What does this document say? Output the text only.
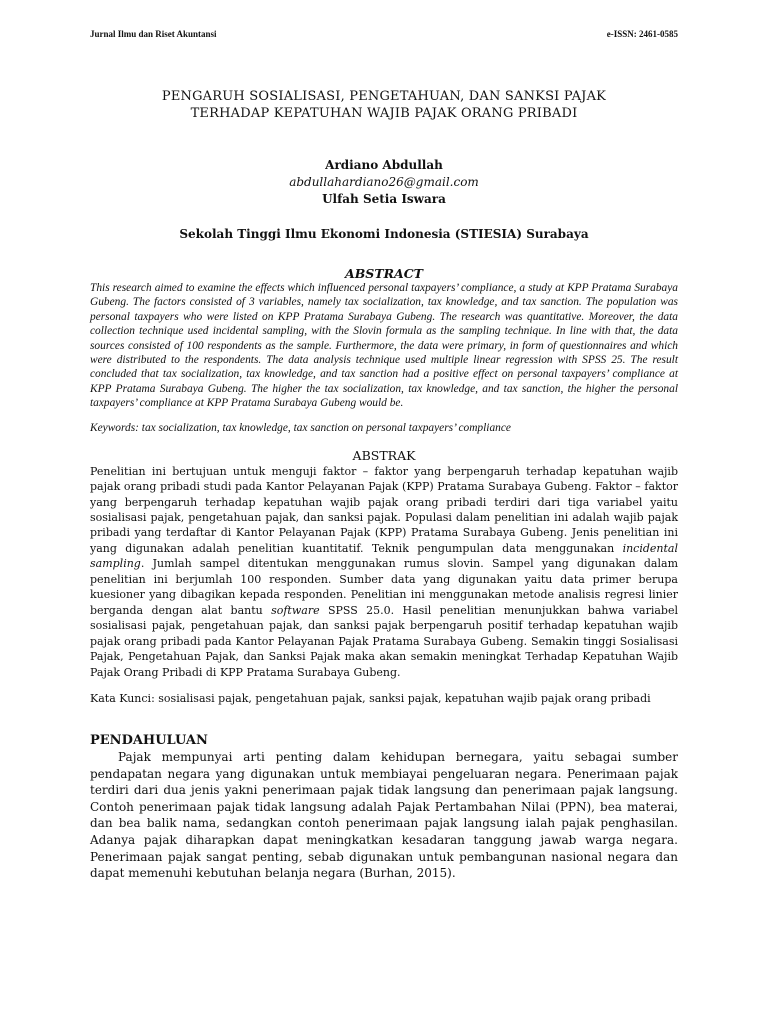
Jurnal Ilmu dan Riset Akuntansi	e-ISSN: 2461-0585
PENGARUH SOSIALISASI, PENGETAHUAN, DAN SANKSI PAJAK
TERHADAP KEPATUHAN WAJIB PAJAK ORANG PRIBADI
Ardiano Abdullah
abdullahardiano26@gmail.com
Ulfah Setia Iswara
Sekolah Tinggi Ilmu Ekonomi Indonesia (STIESIA) Surabaya
ABSTRACT
This research aimed to examine the effects which influenced personal taxpayers’ compliance, a study at KPP Pratama Surabaya Gubeng. The factors consisted of 3 variables, namely tax socialization, tax knowledge, and tax sanction. The population was personal taxpayers who were listed on KPP Pratama Surabaya Gubeng. The research was quantitative. Moreover, the data collection technique used incidental sampling, with the Slovin formula as the sampling technique. In line with that, the data sources consisted of 100 respondents as the sample. Furthermore, the data were primary, in form of questionnaires and which were distributed to the respondents. The data analysis technique used multiple linear regression with SPSS 25. The result concluded that tax socialization, tax knowledge, and tax sanction had a positive effect on personal taxpayers’ compliance at KPP Pratama Surabaya Gubeng. The higher the tax socialization, tax knowledge, and tax sanction, the higher the personal taxpayers’ compliance at KPP Pratama Surabaya Gubeng would be.
Keywords: tax socialization, tax knowledge, tax sanction on personal taxpayers’ compliance
ABSTRAK
Penelitian ini bertujuan untuk menguji faktor – faktor yang berpengaruh terhadap kepatuhan wajib pajak orang pribadi studi pada Kantor Pelayanan Pajak (KPP) Pratama Surabaya Gubeng. Faktor – faktor yang berpengaruh terhadap kepatuhan wajib pajak orang pribadi terdiri dari tiga variabel yaitu sosialisasi pajak, pengetahuan pajak, dan sanksi pajak. Populasi dalam penelitian ini adalah wajib pajak pribadi yang terdaftar di Kantor Pelayanan Pajak (KPP) Pratama Surabaya Gubeng. Jenis penelitian ini yang digunakan adalah penelitian kuantitatif. Teknik pengumpulan data menggunakan incidental sampling. Jumlah sampel ditentukan menggunakan rumus slovin. Sampel yang digunakan dalam penelitian ini berjumlah 100 responden. Sumber data yang digunakan yaitu data primer berupa kuesioner yang dibagikan kepada responden. Penelitian ini menggunakan metode analisis regresi linier berganda dengan alat bantu software SPSS 25.0. Hasil penelitian menunjukkan bahwa variabel sosialisasi pajak, pengetahuan pajak, dan sanksi pajak berpengaruh positif terhadap kepatuhan wajib pajak orang pribadi pada Kantor Pelayanan Pajak Pratama Surabaya Gubeng. Semakin tinggi Sosialisasi Pajak, Pengetahuan Pajak, dan Sanksi Pajak maka akan semakin meningkat Terhadap Kepatuhan Wajib Pajak Orang Pribadi di KPP Pratama Surabaya Gubeng.
Kata Kunci: sosialisasi pajak, pengetahuan pajak, sanksi pajak, kepatuhan wajib pajak orang pribadi
PENDAHULUAN
Pajak mempunyai arti penting dalam kehidupan bernegara, yaitu sebagai sumber pendapatan negara yang digunakan untuk membiayai pengeluaran negara. Penerimaan pajak terdiri dari dua jenis yakni penerimaan pajak tidak langsung dan penerimaan pajak langsung. Contoh penerimaan pajak tidak langsung adalah Pajak Pertambahan Nilai (PPN), bea materai, dan bea balik nama, sedangkan contoh penerimaan pajak langsung ialah pajak penghasilan. Adanya pajak diharapkan dapat meningkatkan kesadaran tanggung jawab warga negara. Penerimaan pajak sangat penting, sebab digunakan untuk pembangunan nasional negara dan dapat memenuhi kebutuhan belanja negara (Burhan, 2015).
